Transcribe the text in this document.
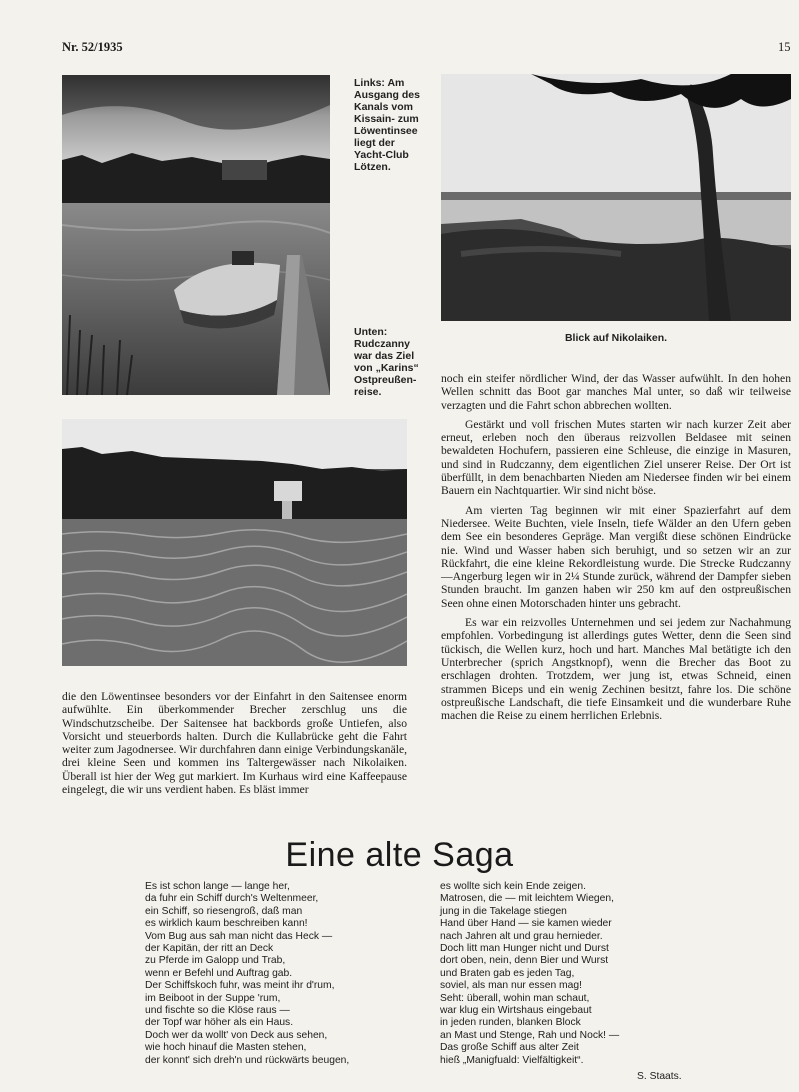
Nr. 52/1935	15
Links: Am
Ausgang des
Kanals vom
Kissain- zum
Löwentinsee
liegt der
Yacht-Club
Lötzen.
Unten:
Rudczanny
war das Ziel
von „Karins“
Ostpreußen-
reise.
Blick auf Nikolaiken.

die den Löwentinsee besonders vor der Einfahrt in den Saitensee enorm aufwühlte. Ein überkommender Brecher zerschlug uns die Windschutzscheibe. Der Saitensee hat backbords große Untiefen, also Vorsicht und steuerbords halten. Durch die Kullabrücke geht die Fahrt weiter zum Jagodnersee. Wir durchfahren dann einige Verbindungskanäle, drei kleine Seen und kommen ins Taltergewässer nach Nikolaiken. Überall ist hier der Weg gut markiert. Im Kurhaus wird eine Kaffeepause eingelegt, die wir uns verdient haben. Es bläst immer

noch ein steifer nördlicher Wind, der das Wasser aufwühlt. In den hohen Wellen schnitt das Boot gar manches Mal unter, so daß wir teilweise verzagten und die Fahrt schon abbrechen wollten.

Gestärkt und voll frischen Mutes starten wir nach kurzer Zeit aber erneut, erleben noch den überaus reizvollen Beldasee mit seinen bewaldeten Hochufern, passieren eine Schleuse, die einzige in Masuren, und sind in Rudczanny, dem eigentlichen Ziel unserer Reise. Der Ort ist überfüllt, in dem benachbarten Nieden am Niedersee finden wir bei einem Bauern ein Nachtquartier. Wir sind nicht böse.

Am vierten Tag beginnen wir mit einer Spazierfahrt auf dem Niedersee. Weite Buchten, viele Inseln, tiefe Wälder an den Ufern geben dem See ein besonderes Gepräge. Man vergißt diese schönen Eindrücke nie. Wind und Wasser haben sich beruhigt, und so setzen wir an zur Rückfahrt, die eine kleine Rekordleistung wurde. Die Strecke Rudczanny—Angerburg legen wir in 2¼ Stunde zurück, während der Dampfer sieben Stunden braucht. Im ganzen haben wir 250 km auf den ostpreußischen Seen ohne einen Motorschaden hinter uns gebracht.

Es war ein reizvolles Unternehmen und sei jedem zur Nachahmung empfohlen. Vorbedingung ist allerdings gutes Wetter, denn die Seen sind tückisch, die Wellen kurz, hoch und hart. Manches Mal betätigte ich den Unterbrecher (sprich Angstknopf), wenn die Brecher das Boot zu erschlagen drohten. Trotzdem, wer jung ist, etwas Schneid, einen strammen Biceps und ein wenig Zechinen besitzt, fahre los. Die schöne ostpreußische Landschaft, die tiefe Einsamkeit und die wunderbare Ruhe machen die Reise zu einem herrlichen Erlebnis.

Eine alte Saga
Es ist schon lange — lange her,
da fuhr ein Schiff durch's Weltenmeer,
ein Schiff, so riesengroß, daß man
es wirklich kaum beschreiben kann!
Vom Bug aus sah man nicht das Heck —
der Kapitän, der ritt an Deck
zu Pferde im Galopp und Trab,
wenn er Befehl und Auftrag gab.
Der Schiffskoch fuhr, was meint ihr d'rum,
im Beiboot in der Suppe 'rum,
und fischte so die Klöse raus —
der Topf war höher als ein Haus.
Doch wer da wollt' von Deck aus sehen,
wie hoch hinauf die Masten stehen,
der konnt' sich dreh'n und rückwärts beugen,
es wollte sich kein Ende zeigen.
Matrosen, die — mit leichtem Wiegen,
jung in die Takelage stiegen
Hand über Hand — sie kamen wieder
nach Jahren alt und grau hernieder.
Doch litt man Hunger nicht und Durst
dort oben, nein, denn Bier und Wurst
und Braten gab es jeden Tag,
soviel, als man nur essen mag!
Seht: überall, wohin man schaut,
war klug ein Wirtshaus eingebaut
in jeden runden, blanken Block
an Mast und Stenge, Rah und Nock! —
Das große Schiff aus alter Zeit
hieß „Manigfuald: Vielfältigkeit“.
S. Staats.
